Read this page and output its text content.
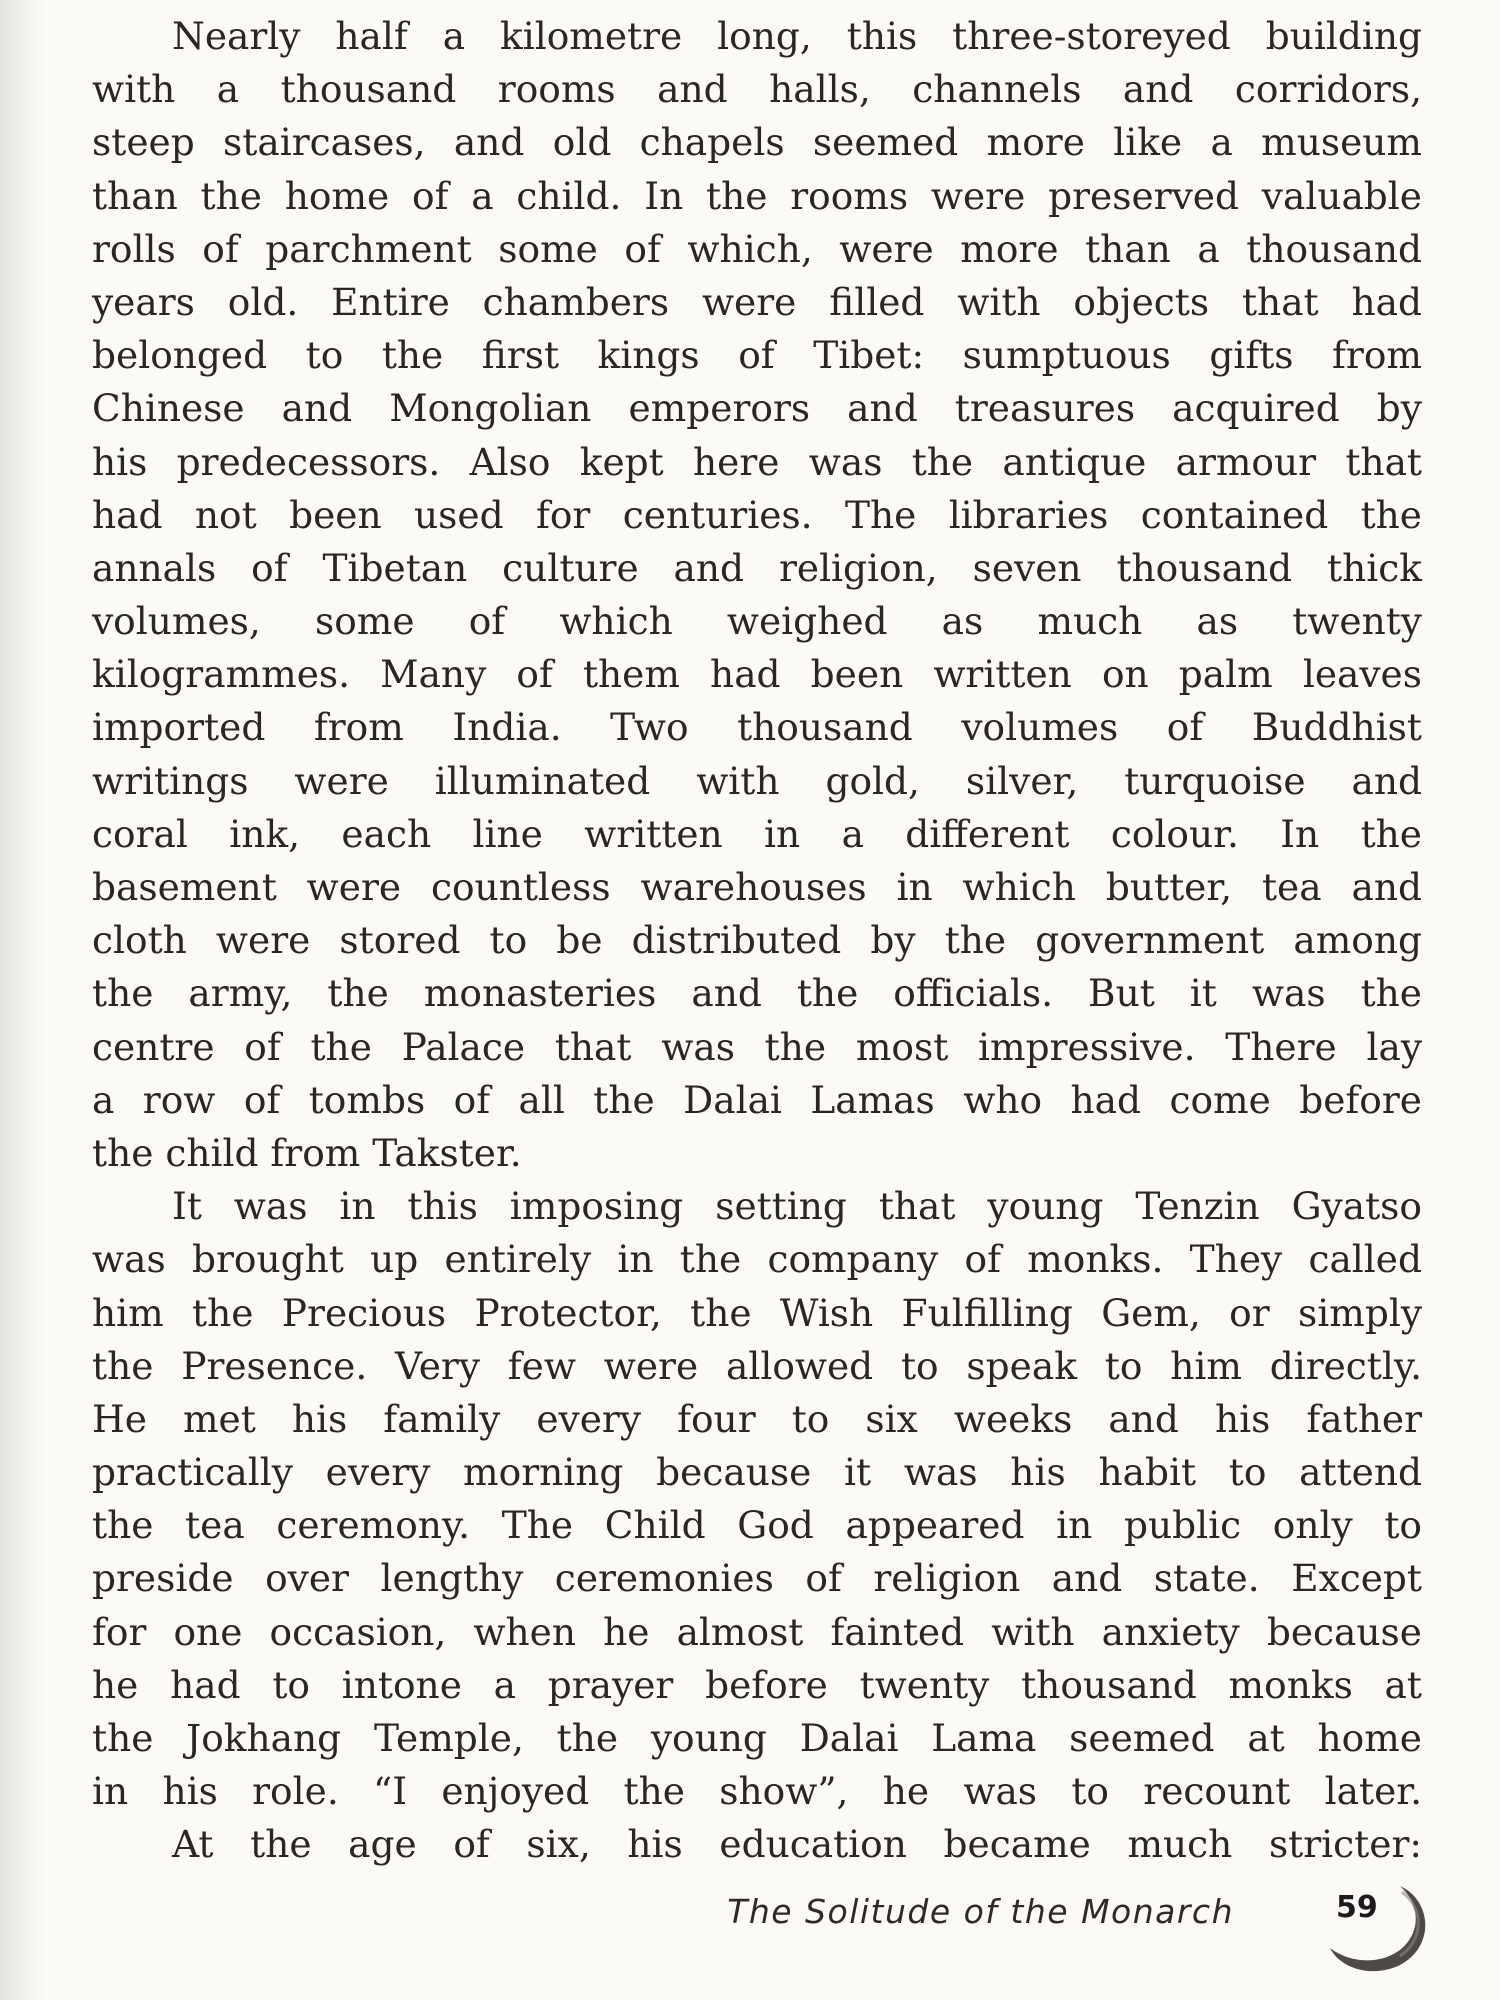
Nearly half a kilometre long, this three-storeyed building
with a thousand rooms and halls, channels and corridors,
steep staircases, and old chapels seemed more like a museum
than the home of a child. In the rooms were preserved valuable
rolls of parchment some of which, were more than a thousand
years old. Entire chambers were filled with objects that had
belonged to the first kings of Tibet: sumptuous gifts from
Chinese and Mongolian emperors and treasures acquired by
his predecessors. Also kept here was the antique armour that
had not been used for centuries. The libraries contained the
annals of Tibetan culture and religion, seven thousand thick
volumes, some of which weighed as much as twenty
kilogrammes. Many of them had been written on palm leaves
imported from India. Two thousand volumes of Buddhist
writings were illuminated with gold, silver, turquoise and
coral ink, each line written in a different colour. In the
basement were countless warehouses in which butter, tea and
cloth were stored to be distributed by the government among
the army, the monasteries and the officials. But it was the
centre of the Palace that was the most impressive. There lay
a row of tombs of all the Dalai Lamas who had come before
the child from Takster.
It was in this imposing setting that young Tenzin Gyatso
was brought up entirely in the company of monks. They called
him the Precious Protector, the Wish Fulfilling Gem, or simply
the Presence. Very few were allowed to speak to him directly.
He met his family every four to six weeks and his father
practically every morning because it was his habit to attend
the tea ceremony. The Child God appeared in public only to
preside over lengthy ceremonies of religion and state. Except
for one occasion, when he almost fainted with anxiety because
he had to intone a prayer before twenty thousand monks at
the Jokhang Temple, the young Dalai Lama seemed at home
in his role. “I enjoyed the show”, he was to recount later.
At the age of six, his education became much stricter:
The Solitude of the Monarch	59
